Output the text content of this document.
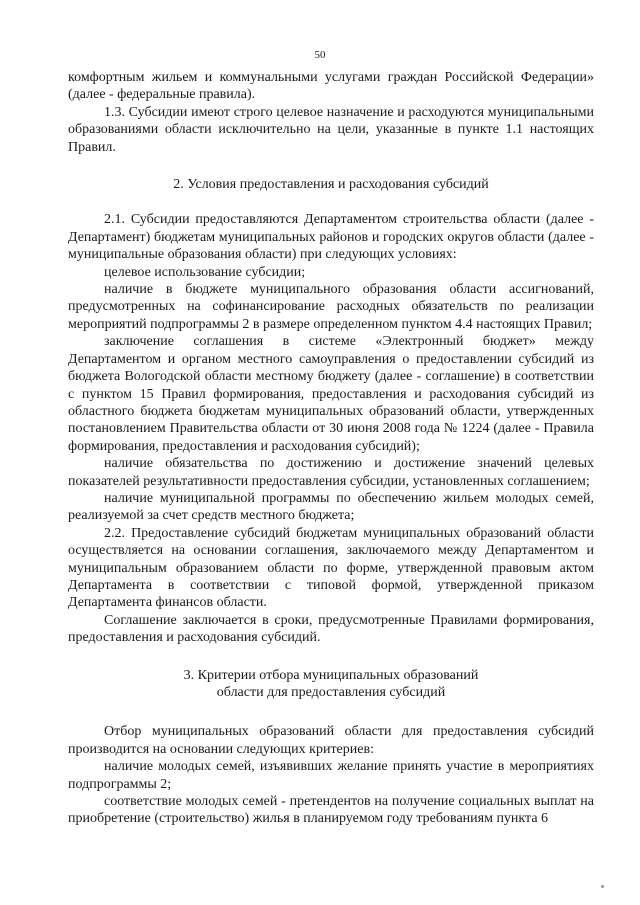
50

комфортным жильем и коммунальными услугами граждан Российской Федерации» (далее - федеральные правила).

1.3. Субсидии имеют строго целевое назначение и расходуются муниципальными образованиями области исключительно на цели, указанные в пункте 1.1 настоящих Правил.

2. Условия предоставления и расходования субсидий

2.1. Субсидии предоставляются Департаментом строительства области (далее - Департамент) бюджетам муниципальных районов и городских округов области (далее - муниципальные образования области) при следующих условиях:

целевое использование субсидии;

наличие в бюджете муниципального образования области ассигнований, предусмотренных на софинансирование расходных обязательств по реализации мероприятий подпрограммы 2 в размере определенном пунктом 4.4 настоящих Правил;

заключение соглашения в системе «Электронный бюджет» между Департаментом и органом местного самоуправления о предоставлении субсидий из бюджета Вологодской области местному бюджету (далее - соглашение) в соответствии с пунктом 15 Правил формирования, предоставления и расходования субсидий из областного бюджета бюджетам муниципальных образований области, утвержденных постановлением Правительства области от 30 июня 2008 года № 1224 (далее - Правила формирования, предоставления и расходования субсидий);

наличие обязательства по достижению и достижение значений целевых показателей результативности предоставления субсидии, установленных соглашением;

наличие муниципальной программы по обеспечению жильем молодых семей, реализуемой за счет средств местного бюджета;

2.2. Предоставление субсидий бюджетам муниципальных образований области осуществляется на основании соглашения, заключаемого между Департаментом и муниципальным образованием области по форме, утвержденной правовым актом Департамента в соответствии с типовой формой, утвержденной приказом Департамента финансов области.

Соглашение заключается в сроки, предусмотренные Правилами формирования, предоставления и расходования субсидий.

3. Критерии отбора муниципальных образований
области для предоставления субсидий

Отбор муниципальных образований области для предоставления субсидий производится на основании следующих критериев:

наличие молодых семей, изъявивших желание принять участие в мероприятиях подпрограммы 2;

соответствие молодых семей - претендентов на получение социальных выплат на приобретение (строительство) жилья в планируемом году требованиям пункта 6
